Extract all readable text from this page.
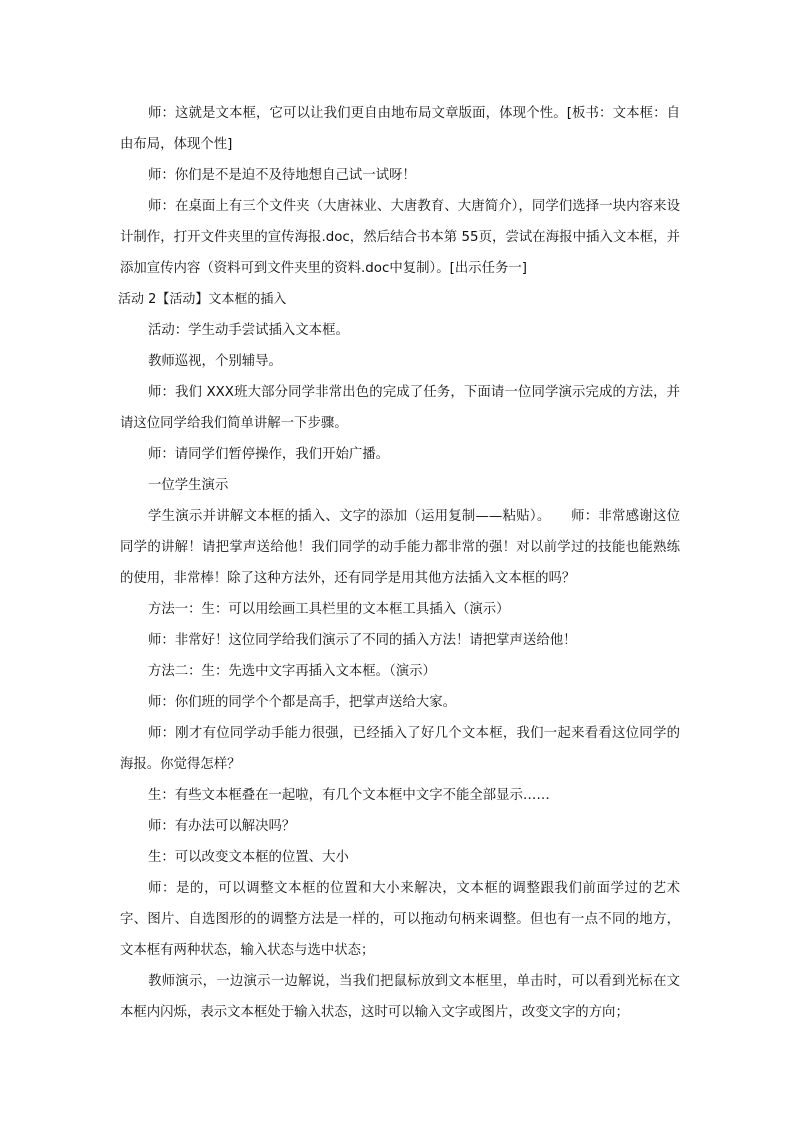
师：这就是文本框，它可以让我们更自由地布局文章版面，体现个性。[板书：文本框：自由布局，体现个性]

师：你们是不是迫不及待地想自己试一试呀！

师：在桌面上有三个文件夹（大唐袜业、大唐教育、大唐简介），同学们选择一块内容来设计制作，打开文件夹里的宣传海报.doc，然后结合书本第 55页，尝试在海报中插入文本框，并添加宣传内容（资料可到文件夹里的资料.doc中复制）。[出示任务一]

活动 2【活动】文本框的插入

活动：学生动手尝试插入文本框。

教师巡视，个别辅导。

师：我们 XXX班大部分同学非常出色的完成了任务，下面请一位同学演示完成的方法，并请这位同学给我们简单讲解一下步骤。

师：请同学们暂停操作，我们开始广播。

一位学生演示

学生演示并讲解文本框的插入、文字的添加（运用复制——粘贴）。　　师：非常感谢这位同学的讲解！请把掌声送给他！我们同学的动手能力都非常的强！对以前学过的技能也能熟练的使用，非常棒！除了这种方法外，还有同学是用其他方法插入文本框的吗？

方法一：生：可以用绘画工具栏里的文本框工具插入（演示）

师：非常好！这位同学给我们演示了不同的插入方法！请把掌声送给他！

方法二：生：先选中文字再插入文本框。（演示）

师：你们班的同学个个都是高手，把掌声送给大家。

师：刚才有位同学动手能力很强，已经插入了好几个文本框，我们一起来看看这位同学的海报。你觉得怎样？

生：有些文本框叠在一起啦，有几个文本框中文字不能全部显示……

师：有办法可以解决吗？

生：可以改变文本框的位置、大小

师：是的，可以调整文本框的位置和大小来解决，文本框的调整跟我们前面学过的艺术字、图片、自选图形的的调整方法是一样的，可以拖动句柄来调整。但也有一点不同的地方，文本框有两种状态，输入状态与选中状态；

教师演示，一边演示一边解说，当我们把鼠标放到文本框里，单击时，可以看到光标在文本框内闪烁，表示文本框处于输入状态，这时可以输入文字或图片，改变文字的方向；
